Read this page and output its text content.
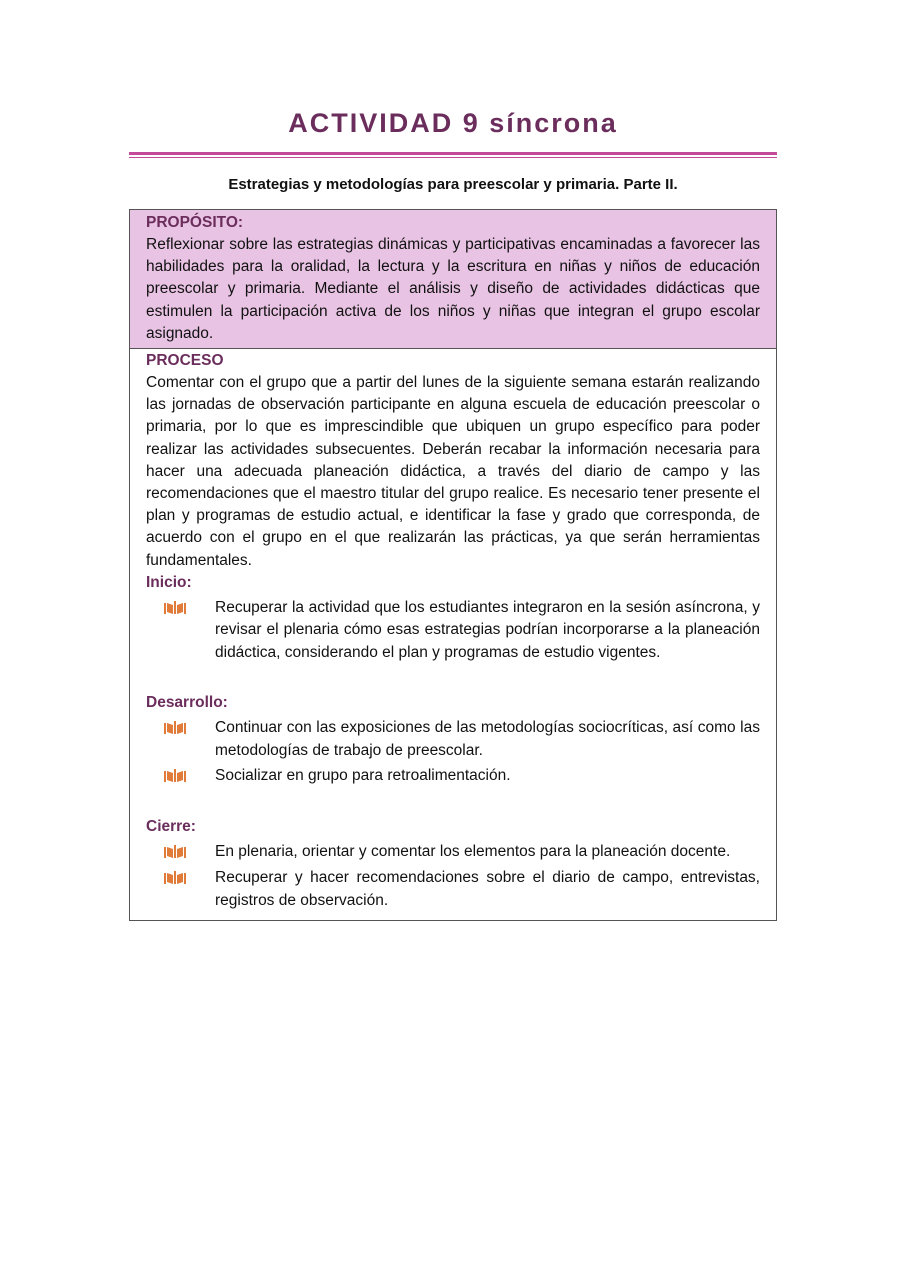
ACTIVIDAD 9 síncrona

Estrategias y metodologías para preescolar y primaria. Parte II.

PROPÓSITO:

Reflexionar sobre las estrategias dinámicas y participativas encaminadas a favorecer las habilidades para la oralidad, la lectura y la escritura en niñas y niños de educación preescolar y primaria. Mediante el análisis y diseño de actividades didácticas que estimulen la participación activa de los niños y niñas que integran el grupo escolar asignado.

PROCESO

Comentar con el grupo que a partir del lunes de la siguiente semana estarán realizando las jornadas de observación participante en alguna escuela de educación preescolar o primaria, por lo que es imprescindible que ubiquen un grupo específico para poder realizar las actividades subsecuentes. Deberán recabar la información necesaria para hacer una adecuada planeación didáctica, a través del diario de campo y las recomendaciones que el maestro titular del grupo realice. Es necesario tener presente el plan y programas de estudio actual, e identificar la fase y grado que corresponda, de acuerdo con el grupo en el que realizarán las prácticas, ya que serán herramientas fundamentales.

Inicio:
Recuperar la actividad que los estudiantes integraron en la sesión asíncrona, y revisar el plenaria cómo esas estrategias podrían incorporarse a la planeación didáctica, considerando el plan y programas de estudio vigentes.
Desarrollo:
Continuar con las exposiciones de las metodologías sociocríticas, así como las metodologías de trabajo de preescolar.
Socializar en grupo para retroalimentación.
Cierre:
En plenaria, orientar y comentar los elementos para la planeación docente.
Recuperar y hacer recomendaciones sobre el diario de campo, entrevistas, registros de observación.
